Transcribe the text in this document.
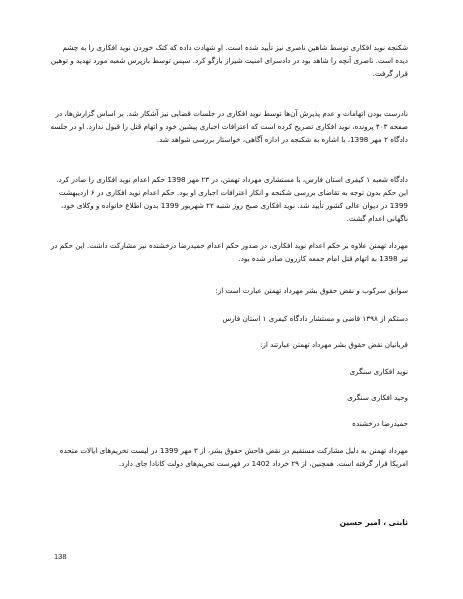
شکنجه نوید افکاری توسط شاهین ناصری نیز تأیید شده است. او شهادت داده که کتک خوردن نوید افکاری را به چشم دیده است. ناصری آنچه را شاهد بود در دادسرای امنیت شیراز بازگو کرد. سپس توسط بازپرس شعبه مورد تهدید و توهین قرار گرفت.

نادرست بودن اتهامات و عدم پذیرش آن‌ها توسط نوید افکاری در جلسات قضایی نیز آشکار شد. بر اساس گزارش‌ها، در صفحه ۴۰۳ پرونده، نوید افکاری تصریح کرده است که اعترافات اجباری پیشین خود و اتهام قتل را قبول ندارد. او در جلسه دادگاه ۲ مهر 1398، با اشاره به شکنجه در اداره آگاهی، خواستار بررسی شواهد شد.

دادگاه شعبه ۱ کیفری استان فارس، با مستشاری مهرداد تهمتن، در ۲۳ مهر 1398 حکم اعدام نوید افکاری را صادر کرد. این حکم بدون توجه به تقاضای بررسی شکنجه و انکار اعترافات اجباری او بود. حکم اعدام نوید افکاری در ۶ اردیبهشت 1399 در دیوان عالی کشور تأیید شد. نوید افکاری صبح روز شنبه ۲۲ شهریور 1399 بدون اطلاع خانواده و وکلای خود، ناگهانی اعدام گشت.

مهرداد تهمتن علاوه بر حکم اعدام نوید افکاری، در صدور حکم اعدام حمیدرضا درخشنده نیز مشارکت داشت. این حکم در تیر 1398 به اتهام قتل امام جمعه کازرون صادر شده بود.

سوابق سرکوب و نقض حقوق بشر مهرداد تهمتن عبارت است از:

دستکم از ۱۳۹۸ قاضی و مستشار دادگاه کیفری ۱ استان فارس

قربانیان نقض حقوق بشر مهرداد تهمتن عبارتند از:

نوید افکاری سنگری

وحید افکاری سنگری

حمیدرضا درخشنده

مهرداد تهمتن به دلیل مشارکت مستقیم در نقض فاحش حقوق بشر، از ۳ مهر 1399 در لیست تحریم‌های ایالات متحده امریکا قرار گرفته است. همچنین، از ۲۹ خرداد 1402 در فهرست تحریم‌های دولت کانادا جای دارد.

ثابتی ، امیر حسین
138
